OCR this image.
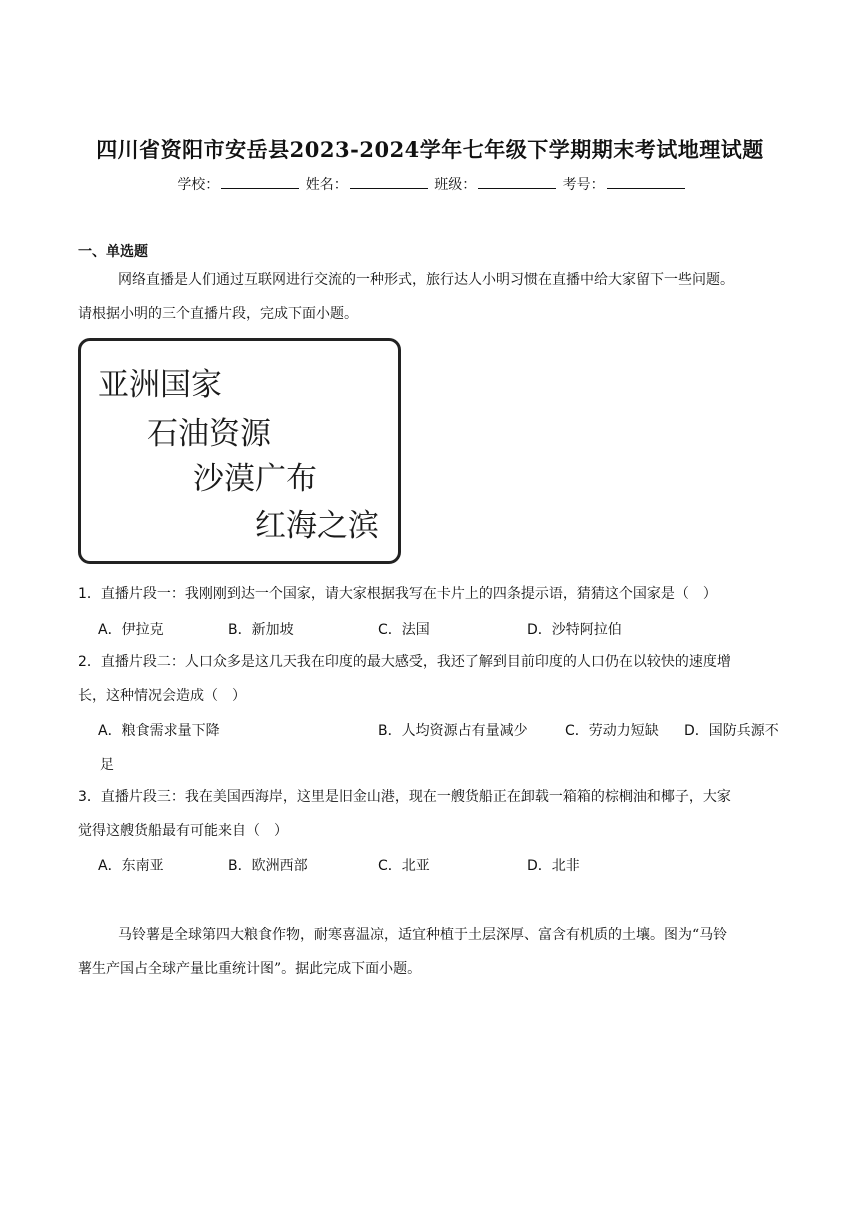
四川省资阳市安岳县2023-2024学年七年级下学期期末考试地理试题
学校：	姓名：	班级：	考号：
一、单选题
网络直播是人们通过互联网进行交流的一种形式，旅行达人小明习惯在直播中给大家留下一些问题。
请根据小明的三个直播片段，完成下面小题。
亚洲国家
石油资源
沙漠广布
红海之滨
1．直播片段一：我刚刚到达一个国家，请大家根据我写在卡片上的四条提示语，猜猜这个国家是（　）
A．伊拉克	B．新加坡	C．法国	D．沙特阿拉伯
2．直播片段二：人口众多是这几天我在印度的最大感受，我还了解到目前印度的人口仍在以较快的速度增
长，这种情况会造成（　）
A．粮食需求量下降	B．人均资源占有量减少	C．劳动力短缺 D．国防兵源不
足
3．直播片段三：我在美国西海岸，这里是旧金山港，现在一艘货船正在卸载一箱箱的棕榈油和椰子，大家
觉得这艘货船最有可能来自（　）
A．东南亚	B．欧洲西部	C．北亚	D．北非
马铃薯是全球第四大粮食作物，耐寒喜温凉，适宜种植于土层深厚、富含有机质的土壤。图为“马铃
薯生产国占全球产量比重统计图”。据此完成下面小题。
